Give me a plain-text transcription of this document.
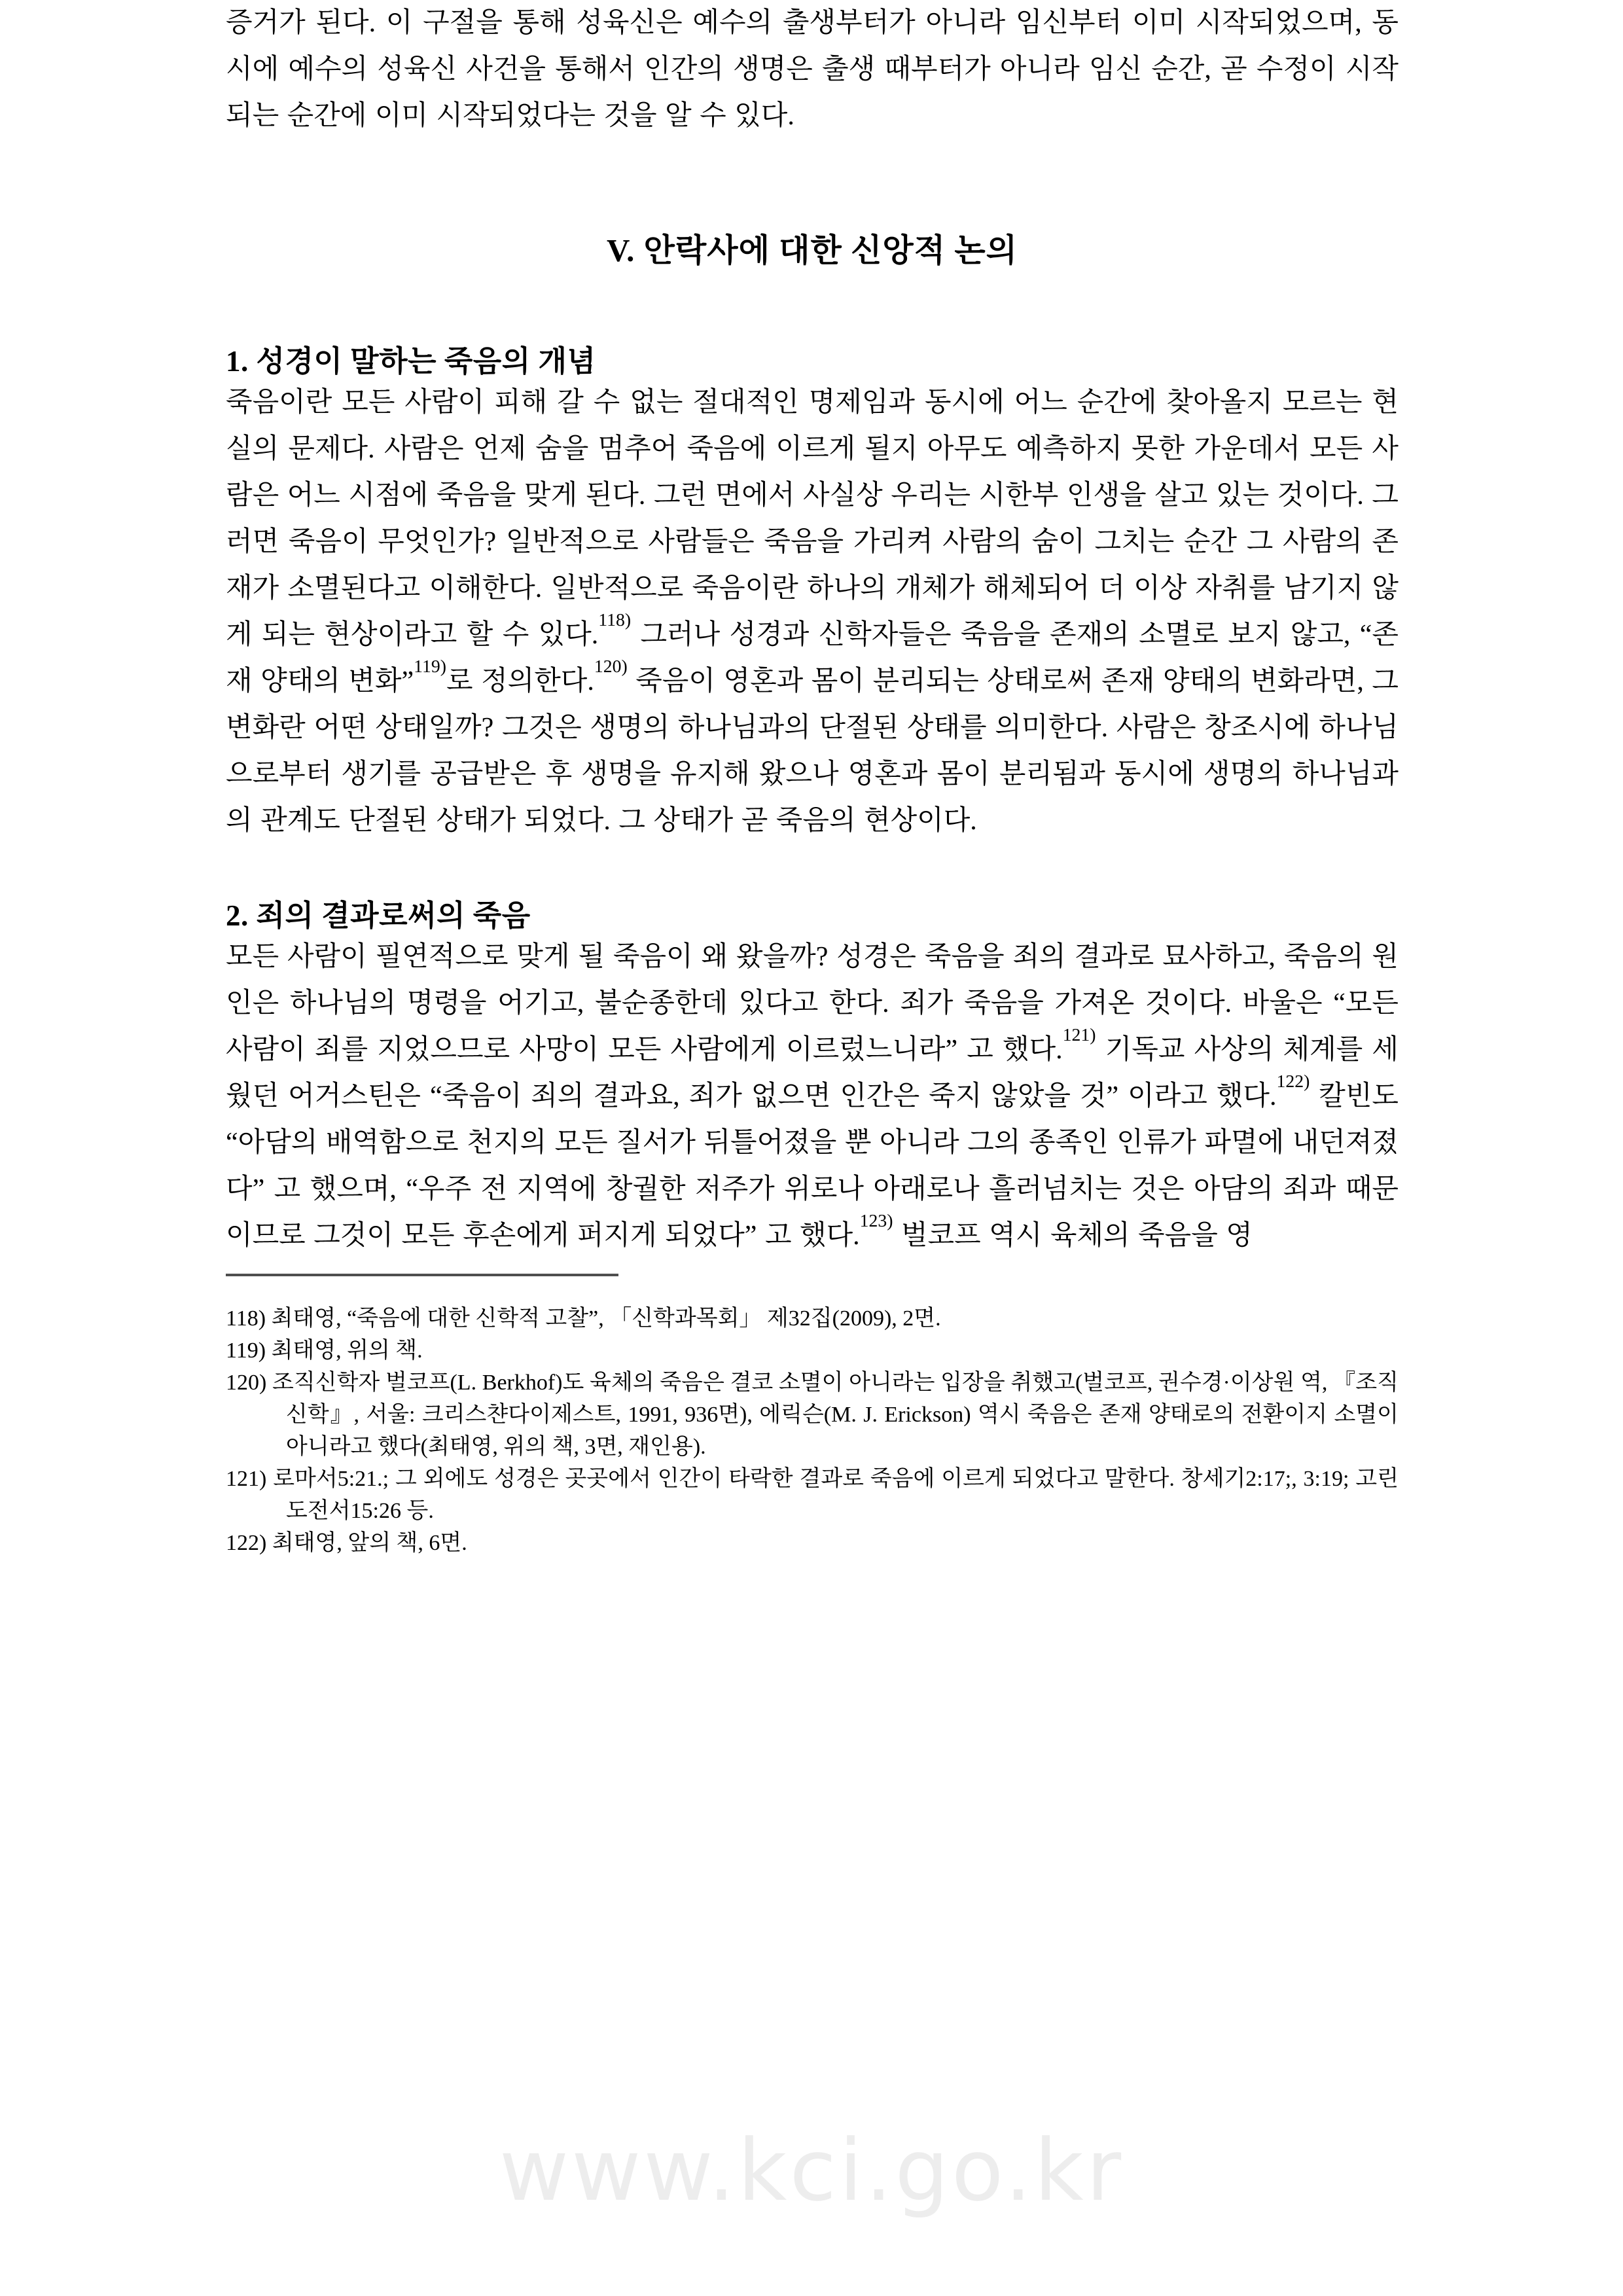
증거가 된다. 이 구절을 통해 성육신은 예수의 출생부터가 아니라 임신부터 이미 시작되었으며, 동시에 예수의 성육신 사건을 통해서 인간의 생명은 출생 때부터가 아니라 임신 순간, 곧 수정이 시작되는 순간에 이미 시작되었다는 것을 알 수 있다.

V. 안락사에 대한 신앙적 논의
1. 성경이 말하는 죽음의 개념

죽음이란 모든 사람이 피해 갈 수 없는 절대적인 명제임과 동시에 어느 순간에 찾아올지 모르는 현실의 문제다. 사람은 언제 숨을 멈추어 죽음에 이르게 될지 아무도 예측하지 못한 가운데서 모든 사람은 어느 시점에 죽음을 맞게 된다. 그런 면에서 사실상 우리는 시한부 인생을 살고 있는 것이다. 그러면 죽음이 무엇인가? 일반적으로 사람들은 죽음을 가리켜 사람의 숨이 그치는 순간 그 사람의 존재가 소멸된다고 이해한다. 일반적으로 죽음이란 하나의 개체가 해체되어 더 이상 자취를 남기지 않게 되는 현상이라고 할 수 있다.$^{118)}$ 그러나 성경과 신학자들은 죽음을 존재의 소멸로 보지 않고, “존재 양태의 변화”$^{119)}$로 정의한다.$^{120)}$ 죽음이 영혼과 몸이 분리되는 상태로써 존재 양태의 변화라면, 그 변화란 어떤 상태일까? 그것은 생명의 하나님과의 단절된 상태를 의미한다. 사람은 창조시에 하나님으로부터 생기를 공급받은 후 생명을 유지해 왔으나 영혼과 몸이 분리됨과 동시에 생명의 하나님과의 관계도 단절된 상태가 되었다. 그 상태가 곧 죽음의 현상이다.

2. 죄의 결과로써의 죽음

모든 사람이 필연적으로 맞게 될 죽음이 왜 왔을까? 성경은 죽음을 죄의 결과로 묘사하고, 죽음의 원인은 하나님의 명령을 어기고, 불순종한데 있다고 한다. 죄가 죽음을 가져온 것이다. 바울은 “모든 사람이 죄를 지었으므로 사망이 모든 사람에게 이르렀느니라” 고 했다.$^{121)}$ 기독교 사상의 체계를 세웠던 어거스틴은 “죽음이 죄의 결과요, 죄가 없으면 인간은 죽지 않았을 것” 이라고 했다.$^{122)}$ 칼빈도 “아담의 배역함으로 천지의 모든 질서가 뒤틀어졌을 뿐 아니라 그의 종족인 인류가 파멸에 내던져졌다” 고 했으며, “우주 전 지역에 창궐한 저주가 위로나 아래로나 흘러넘치는 것은 아담의 죄과 때문이므로 그것이 모든 후손에게 퍼지게 되었다” 고 했다.$^{123)}$ 벌코프 역시 육체의 죽음을 영

118) 최태영, “죽음에 대한 신학적 고찰”, 「신학과목회」 제32집(2009), 2면.
119) 최태영, 위의 책.
120) 조직신학자 벌코프(L. Berkhof)도 육체의 죽음은 결코 소멸이 아니라는 입장을 취했고(벌코프, 권수경·이상원 역, 『조직신학』, 서울: 크리스챤다이제스트, 1991, 936면), 에릭슨(M. J. Erickson) 역시 죽음은 존재 양태로의 전환이지 소멸이 아니라고 했다(최태영, 위의 책, 3면, 재인용).
121) 로마서5:21.; 그 외에도 성경은 곳곳에서 인간이 타락한 결과로 죽음에 이르게 되었다고 말한다. 창세기2:17;, 3:19; 고린도전서15:26 등.
122) 최태영, 앞의 책, 6면.
www.kci.go.kr
